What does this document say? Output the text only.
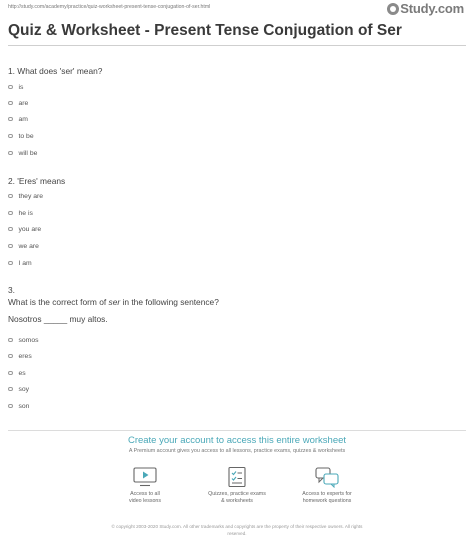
http://study.com/academy/practice/quiz-worksheet-present-tense-conjugation-of-ser.html	Study.com
Quiz & Worksheet - Present Tense Conjugation of Ser
1. What does 'ser' mean?
is
are
am
to be
will be
2. 'Eres' means
they are
he is
you are
we are
I am
3.
What is the correct form of ser in the following sentence?
Nosotros _____ muy altos.
somos
eres
es
soy
son
Create your account to access this entire worksheet
A Premium account gives you access to all lessons, practice exams, quizzes & worksheets
Access to all
video lessons
Quizzes, practice exams
& worksheets
Access to experts for
homework questions
© copyright 2003-2020 Study.com. All other trademarks and copyrights are the property of their respective owners. All rights
reserved.
